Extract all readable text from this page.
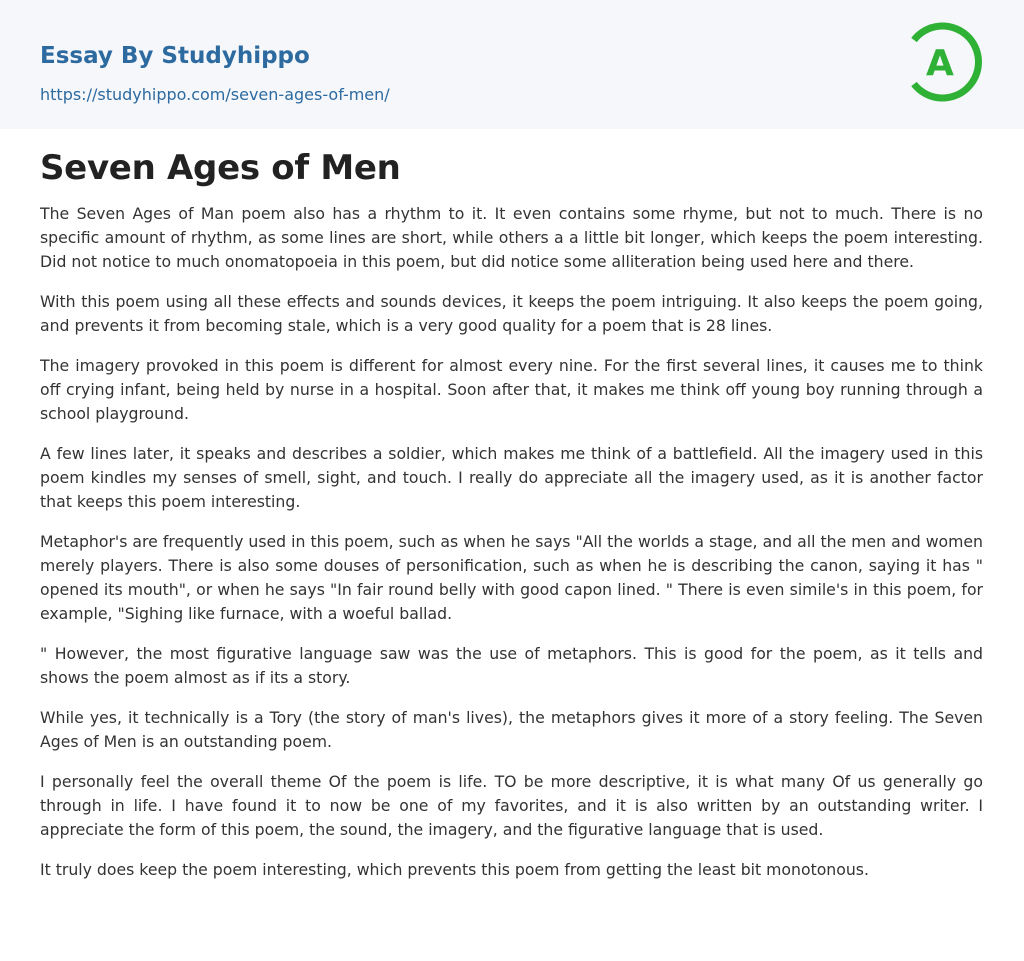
Essay By Studyhippo
https://studyhippo.com/seven-ages-of-men/
A
Seven Ages of Men

The Seven Ages of Man poem also has a rhythm to it. It even contains some rhyme, but not to much. There is no specific amount of rhythm, as some lines are short, while others a a little bit longer, which keeps the poem interesting. Did not notice to much onomatopoeia in this poem, but did notice some alliteration being used here and there.

With this poem using all these effects and sounds devices, it keeps the poem intriguing. It also keeps the poem going, and prevents it from becoming stale, which is a very good quality for a poem that is 28 lines.

The imagery provoked in this poem is different for almost every nine. For the first several lines, it causes me to think off crying infant, being held by nurse in a hospital. Soon after that, it makes me think off young boy running through a school playground.

A few lines later, it speaks and describes a soldier, which makes me think of a battlefield. All the imagery used in this poem kindles my senses of smell, sight, and touch. I really do appreciate all the imagery used, as it is another factor that keeps this poem interesting.

Metaphor's are frequently used in this poem, such as when he says "All the worlds a stage, and all the men and women merely players. There is also some douses of personification, such as when he is describing the canon, saying it has " opened its mouth", or when he says "In fair round belly with good capon lined. " There is even simile's in this poem, for example, "Sighing like furnace, with a woeful ballad.

" However, the most figurative language saw was the use of metaphors. This is good for the poem, as it tells and shows the poem almost as if its a story.

While yes, it technically is a Tory (the story of man's lives), the metaphors gives it more of a story feeling. The Seven Ages of Men is an outstanding poem.

I personally feel the overall theme Of the poem is life. TO be more descriptive, it is what many Of us generally go through in life. I have found it to now be one of my favorites, and it is also written by an outstanding writer. I appreciate the form of this poem, the sound, the imagery, and the figurative language that is used.

It truly does keep the poem interesting, which prevents this poem from getting the least bit monotonous.
